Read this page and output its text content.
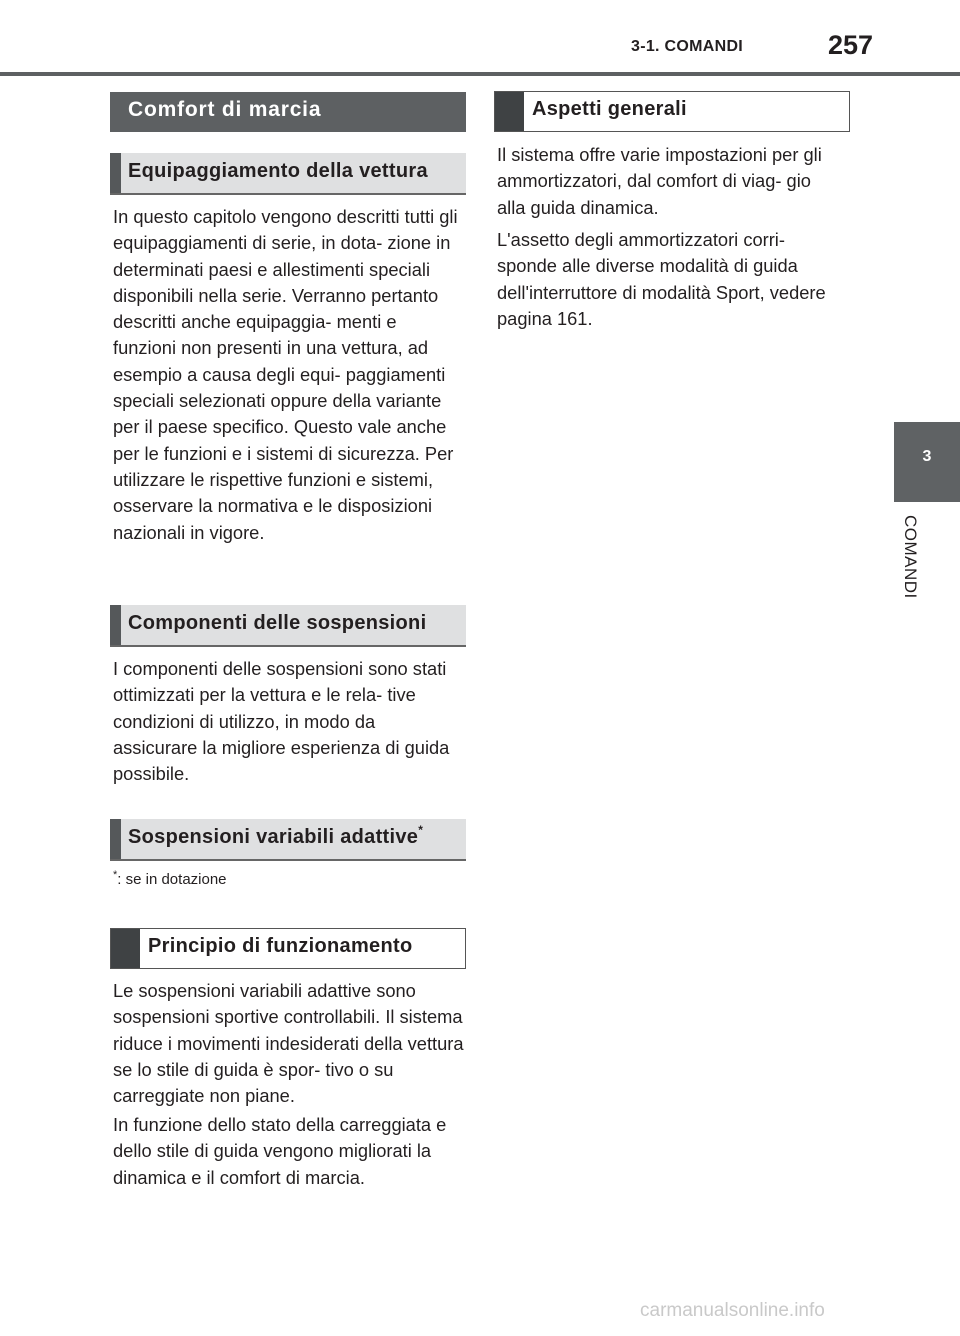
3-1. COMANDI	257
3
COMANDI
Comfort di marcia
Equipaggiamento della vettura
In questo capitolo vengono descritti tutti gli equipaggiamenti di serie, in dota- zione in determinati paesi e allestimenti speciali disponibili nella serie. Verranno pertanto descritti anche equipaggia- menti e funzioni non presenti in una vettura, ad esempio a causa degli equi- paggiamenti speciali selezionati oppure della variante per il paese specifico. Questo vale anche per le funzioni e i sistemi di sicurezza. Per utilizzare le rispettive funzioni e sistemi, osservare la normativa e le disposizioni nazionali in vigore.
Componenti delle sospensioni
I componenti delle sospensioni sono stati ottimizzati per la vettura e le rela- tive condizioni di utilizzo, in modo da assicurare la migliore esperienza di guida possibile.
Sospensioni variabili adattive*
*: se in dotazione
Principio di funzionamento
Le sospensioni variabili adattive sono sospensioni sportive controllabili. Il sistema riduce i movimenti indesiderati della vettura se lo stile di guida è spor- tivo o su carreggiate non piane.
In funzione dello stato della carreggiata e dello stile di guida vengono migliorati la dinamica e il comfort di marcia.
Aspetti generali
Il sistema offre varie impostazioni per gli ammortizzatori, dal comfort di viag- gio alla guida dinamica.
L'assetto degli ammortizzatori corri- sponde alle diverse modalità di guida dell'interruttore di modalità Sport, vedere pagina 161.
carmanualsonline.info
